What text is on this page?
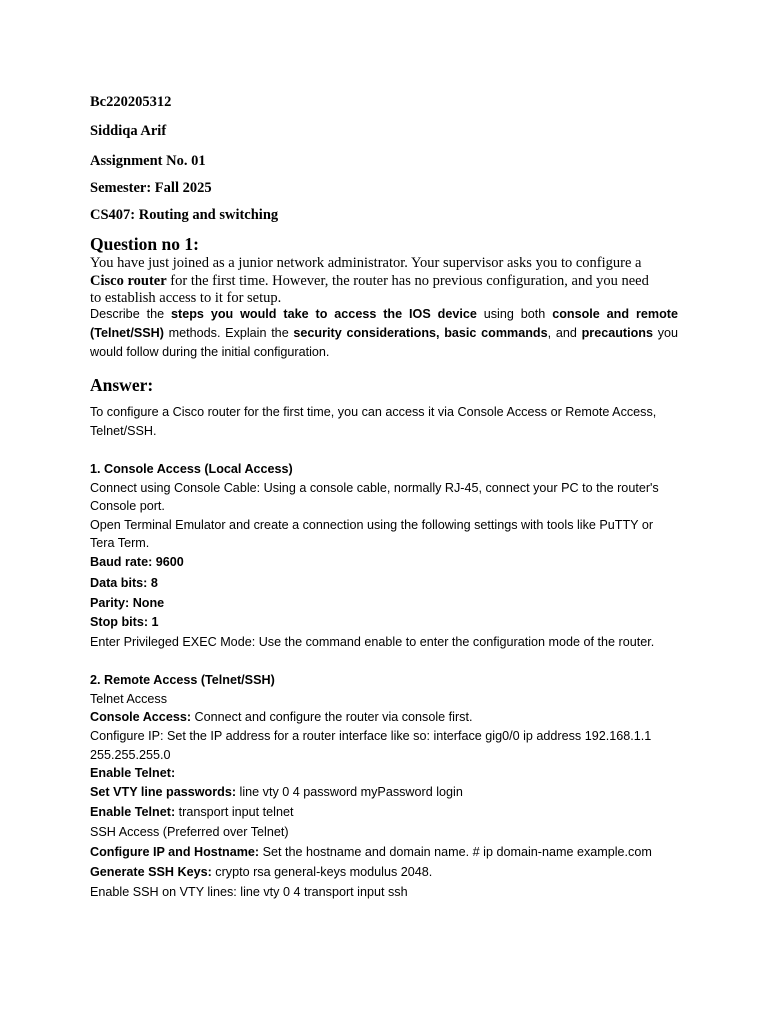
Bc220205312
Siddiqa Arif
Assignment No. 01
Semester: Fall 2025
CS407: Routing and switching
Question no 1:
You have just joined as a junior network administrator. Your supervisor asks you to configure a
Cisco router for the first time. However, the router has no previous configuration, and you need
to establish access to it for setup.
Describe the steps you would take to access the IOS device using both console and remote
(Telnet/SSH) methods. Explain the security considerations, basic commands, and precautions you
would follow during the initial configuration.
Answer:
To configure a Cisco router for the first time, you can access it via Console Access or Remote Access,
Telnet/SSH.
1. Console Access (Local Access)
Connect using Console Cable: Using a console cable, normally RJ-45, connect your PC to the router's
Console port.
Open Terminal Emulator and create a connection using the following settings with tools like PuTTY or
Tera Term.
Baud rate: 9600
Data bits: 8
Parity: None
Stop bits: 1
Enter Privileged EXEC Mode: Use the command enable to enter the configuration mode of the router.
2. Remote Access (Telnet/SSH)
Telnet Access
Console Access: Connect and configure the router via console first.
Configure IP: Set the IP address for a router interface like so: interface gig0/0 ip address 192.168.1.1
255.255.255.0
Enable Telnet:
Set VTY line passwords: line vty 0 4 password myPassword login
Enable Telnet: transport input telnet
SSH Access (Preferred over Telnet)
Configure IP and Hostname: Set the hostname and domain name. # ip domain-name example.com
Generate SSH Keys: crypto rsa general-keys modulus 2048.
Enable SSH on VTY lines: line vty 0 4 transport input ssh
